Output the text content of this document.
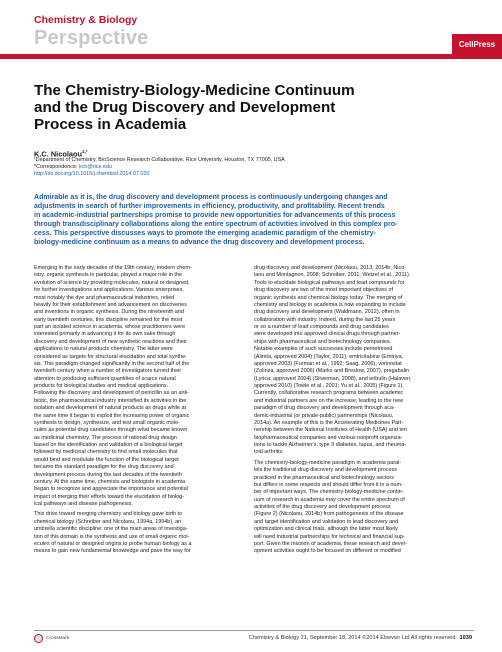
Chemistry & Biology
Perspective	CellPress
The Chemistry-Biology-Medicine Continuum
and the Drug Discovery and Development
Process in Academia
K.C. Nicolaou$^{1,*}$
¹Department of Chemistry, BioScience Research Collaborative, Rice University, Houston, TX 77005, USA
*Correspondence: kcn@rice.edu
http://dx.doi.org/10.1016/j.chembiol.2014.07.020
Admirable as it is, the drug discovery and development process is continuously undergoing changes and
adjustments in search of further improvements in efficiency, productivity, and profitability. Recent trends
in academic-industrial partnerships promise to provide new opportunities for advancements of this process
through transdisciplinary collaborations along the entire spectrum of activities involved in this complex pro-
cess. This perspective discusses ways to promote the emerging academic paradigm of the chemistry-
biology-medicine continuum as a means to advance the drug discovery and development process.
Emerging in the early decades of the 19th century, modern chem-
istry, organic synthesis in particular, played a major role in the
evolution of science by providing molecules, natural or designed,
for further investigations and applications. Various enterprises,
most notably the dye and pharmaceutical industries, relied
heavily for their establishment and advancement on discoveries
and inventions in organic synthesis. During the nineteenth and
early twentieth centuries, this discipline remained for the most
part an isolated science in academia, whose practitioners were
interested primarily in advancing it for its own sake through
discovery and development of new synthetic reactions and their
applications to natural products chemistry. The latter were
considered as targets for structural elucidation and total synthe-
sis. This paradigm changed significantly in the second half of the
twentieth century when a number of investigators turned their
attention to producing sufficient quantities of scarce natural
products for biological studies and medical applications.
Following the discovery and development of penicillin as an anti-
biotic, the pharmaceutical industry intensified its activities in the
isolation and development of natural products as drugs while at
the same time it began to exploit the increasing power of organic
synthesis to design, synthesize, and test small organic mole-
cules as potential drug candidates through what became known
as medicinal chemistry. The process of rational drug design
based on the identification and validation of a biological target
followed by medicinal chemistry to find small molecules that
would bind and modulate the function of the biological target
became the standard paradigm for the drug discovery and
development process during the last decades of the twentieth
century. At the same time, chemists and biologists in academia
began to recognize and appreciate the importance and potential
impact of merging their efforts toward the elucidation of biolog-
ical pathways and disease pathogenesis.
This drive toward merging chemistry and biology gave birth to
chemical biology (Schreiber and Nicolaou, 1994a, 1994b), an
umbrella scientific discipline; one of the main areas of investiga-
tion of this domain is the synthesis and use of small organic mol-
ecules of natural or designed origins to probe human biology as a
means to gain new fundamental knowledge and pave the way for
drug discovery and development (Nicolaou, 2013, 2014b; Nico-
laou and Montagnon, 2008; Schreiber, 2011; Wetzel et al., 2011).
Tools to elucidate biological pathways and lead compounds for
drug discovery are two of the most important objectives of
organic synthesis and chemical biology today. The merging of
chemistry and biology in academia is now expanding to include
drug discovery and development (Waldmann, 2012), often in
collaboration with industry. Indeed, during the last 25 years
or so a number of lead compounds and drug candidates
were developed into approved clinical drugs through partner-
ships with pharmaceutical and biotechnology companies.
Notable examples of such successes include pemetrexed
(Alimta, approved 2004) (Taylor, 2011), emtricitabine (Emtriva,
approved 2003) (Furman et al., 1992; Saag, 2006), vorinostat
(Zolinza, approved 2006) (Marks and Breslow, 2007), pregabalin
(Lyrica, approved 2004) (Silverman, 2008), and eribulin (Halaven,
approved 2010) (Towle et al., 2001; Yu et al., 2005) (Figure 1).
Currently, collaborative research programs between academic
and industrial partners are on the increase, leading to the new
paradigm of drug discovery and development through aca-
demic-industrial (or private-public) partnerships (Nicolaou,
2014a). An example of this is the Accelerating Medicines Part-
nership between the National Institutes of Health (USA) and ten
biopharmaceutical companies and various nonprofit organiza-
tions to tackle Alzheimer's, type II diabetes, lupus, and rheuma-
toid arthritis.
The chemistry-biology-medicine paradigm in academia paral-
lels the traditional drug discovery and development process
practiced in the pharmaceutical and biotechnology sectors
but differs in some respects and should differ from it in a num-
ber of important ways. The chemistry-biology-medicine contin-
uum of research in academia may cover the entire spectrum of
activities of the drug discovery and development process
(Figure 2) (Nicolaou, 2014b) from pathogenesis of the disease
and target identification and validation to lead discovery and
optimization and clinical trials, although the latter most likely
will need industrial partnerships for technical and financial sup-
port. Given the mission of academia, these research and devel-
opment activities ought to be focused on different or modified
CrossMark	Chemistry & Biology 21, September 18, 2014 ©2014 Elsevier Ltd All rights reserved 1039
